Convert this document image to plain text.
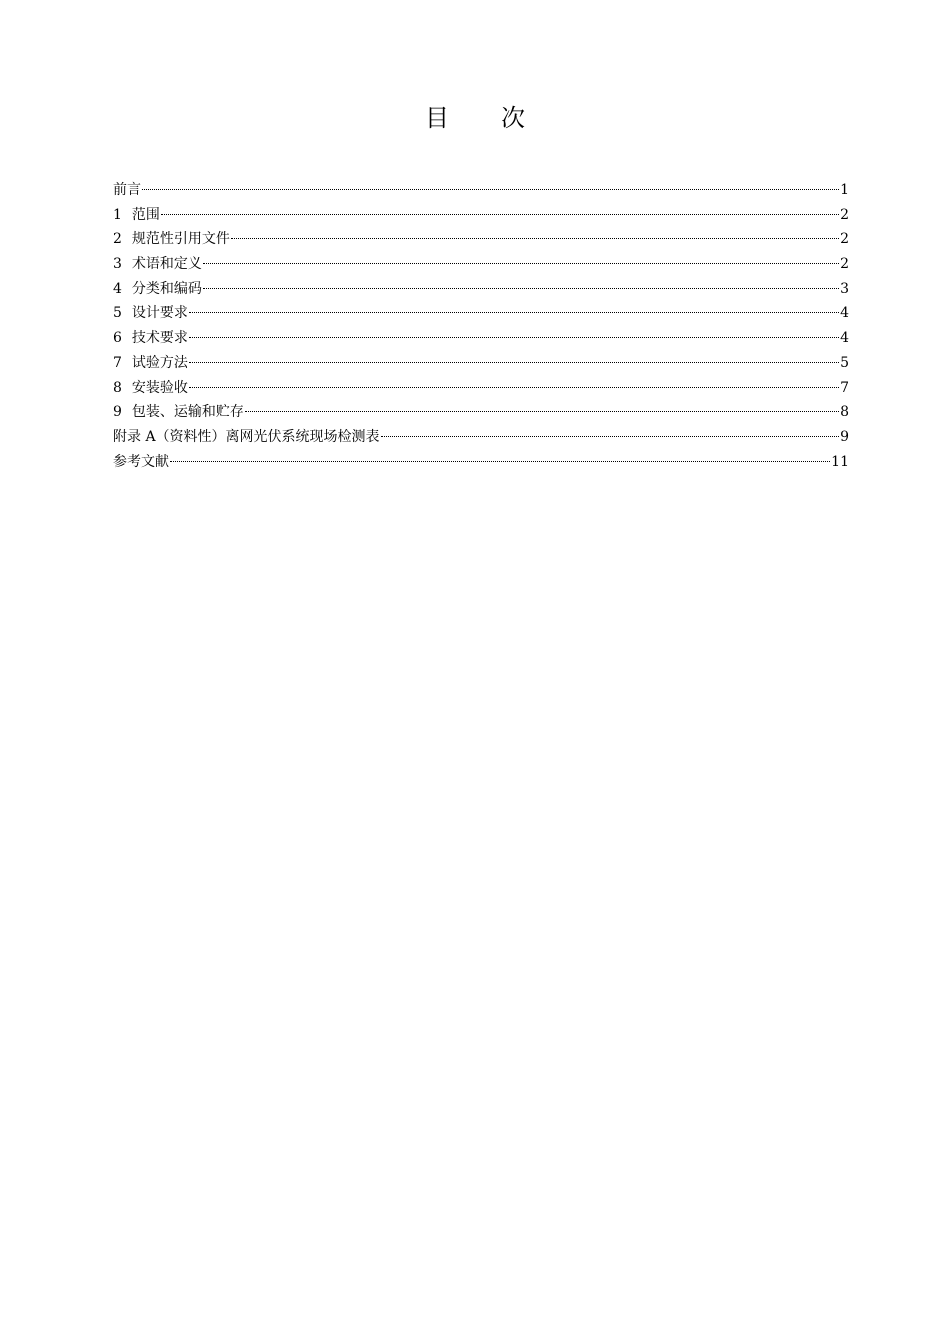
目 次
前言	1
1 范围	2
2 规范性引用文件	2
3 术语和定义	2
4 分类和编码	3
5 设计要求	4
6 技术要求	4
7 试验方法	5
8 安装验收	7
9 包装、运输和贮存	8
附录 A（资料性）离网光伏系统现场检测表	9
参考文献	11
